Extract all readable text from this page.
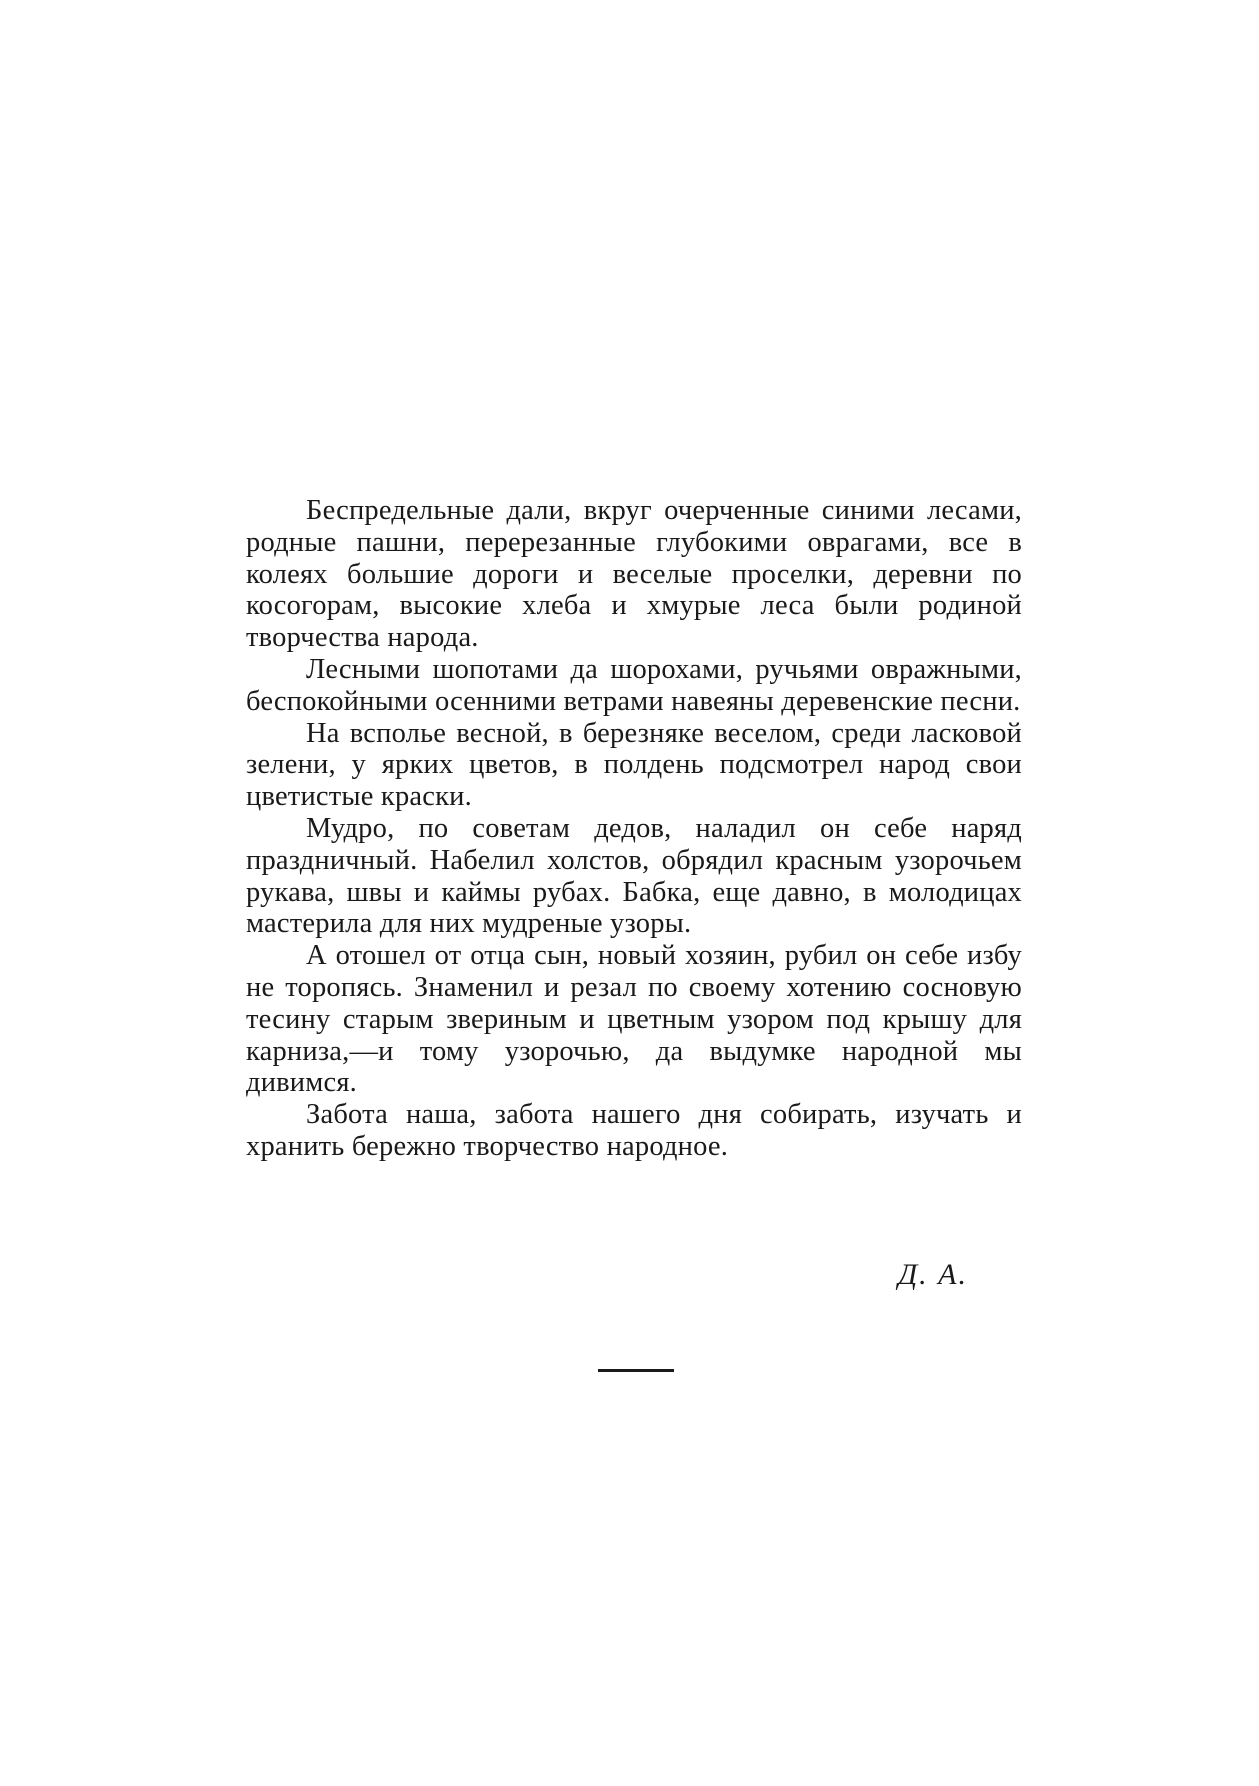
Беспредельные дали, вкруг очерченные синими лесами, родные пашни, перерезанные глубокими оврагами, все в колеях большие дороги и веселые проселки, деревни по косогорам, высокие хлеба и хмурые леса были родиной творчества народа.

Лесными шопотами да шорохами, ручьями овражными, беспокойными осенними ветрами навеяны деревенские песни.

На всполье весной, в березняке веселом, среди ласковой зелени, у ярких цветов, в полдень подсмотрел народ свои цветистые краски.

Мудро, по советам дедов, наладил он себе наряд праздничный. Набелил холстов, обрядил красным узорочьем рукава, швы и каймы рубах. Бабка, еще давно, в молодицах мастерила для них мудреные узоры.

А отошел от отца сын, новый хозяин, рубил он себе избу не торопясь. Знаменил и резал по своему хотению сосновую тесину старым звериным и цветным узором под крышу для карниза,—и тому узорочью, да выдумке народной мы дивимся.

Забота наша, забота нашего дня собирать, изучать и хранить бережно творчество народное.

Д. А.
